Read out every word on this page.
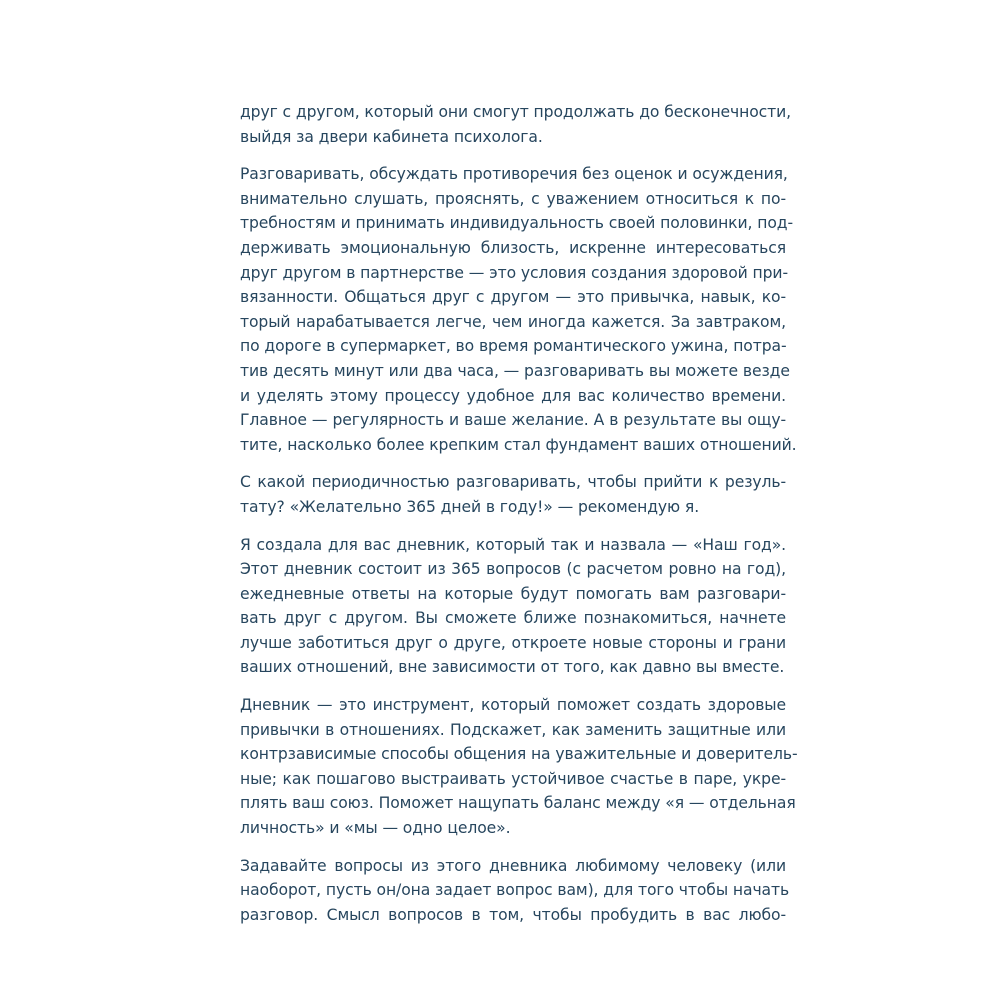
друг с другом, который они смогут продолжать до бесконечности,
выйдя за двери кабинета психолога.
Разговаривать, обсуждать противоречия без оценок и осуждения,
внимательно слушать, прояснять, с уважением относиться к по-
требностям и принимать индивидуальность своей половинки, под-
держивать эмоциональную близость, искренне интересоваться
друг другом в партнерстве — это условия создания здоровой при-
вязанности. Общаться друг с другом — это привычка, навык, ко-
торый нарабатывается легче, чем иногда кажется. За завтраком,
по дороге в супермаркет, во время романтического ужина, потра-
тив десять минут или два часа, — разговаривать вы можете везде
и уделять этому процессу удобное для вас количество времени.
Главное — регулярность и ваше желание. А в результате вы ощу-
тите, насколько более крепким стал фундамент ваших отношений.
С какой периодичностью разговаривать, чтобы прийти к резуль-
тату? «Желательно 365 дней в году!» — рекомендую я.
Я создала для вас дневник, который так и назвала — «Наш год».
Этот дневник состоит из 365 вопросов (с расчетом ровно на год),
ежедневные ответы на которые будут помогать вам разговари-
вать друг с другом. Вы сможете ближе познакомиться, начнете
лучше заботиться друг о друге, откроете новые стороны и грани
ваших отношений, вне зависимости от того, как давно вы вместе.
Дневник — это инструмент, который поможет создать здоровые
привычки в отношениях. Подскажет, как заменить защитные или
контрзависимые способы общения на уважительные и доверитель-
ные; как пошагово выстраивать устойчивое счастье в паре, укре-
плять ваш союз. Поможет нащупать баланс между «я — отдельная
личность» и «мы — одно целое».
Задавайте вопросы из этого дневника любимому человеку (или
наоборот, пусть он/она задает вопрос вам), для того чтобы начать
разговор. Смысл вопросов в том, чтобы пробудить в вас любо-
